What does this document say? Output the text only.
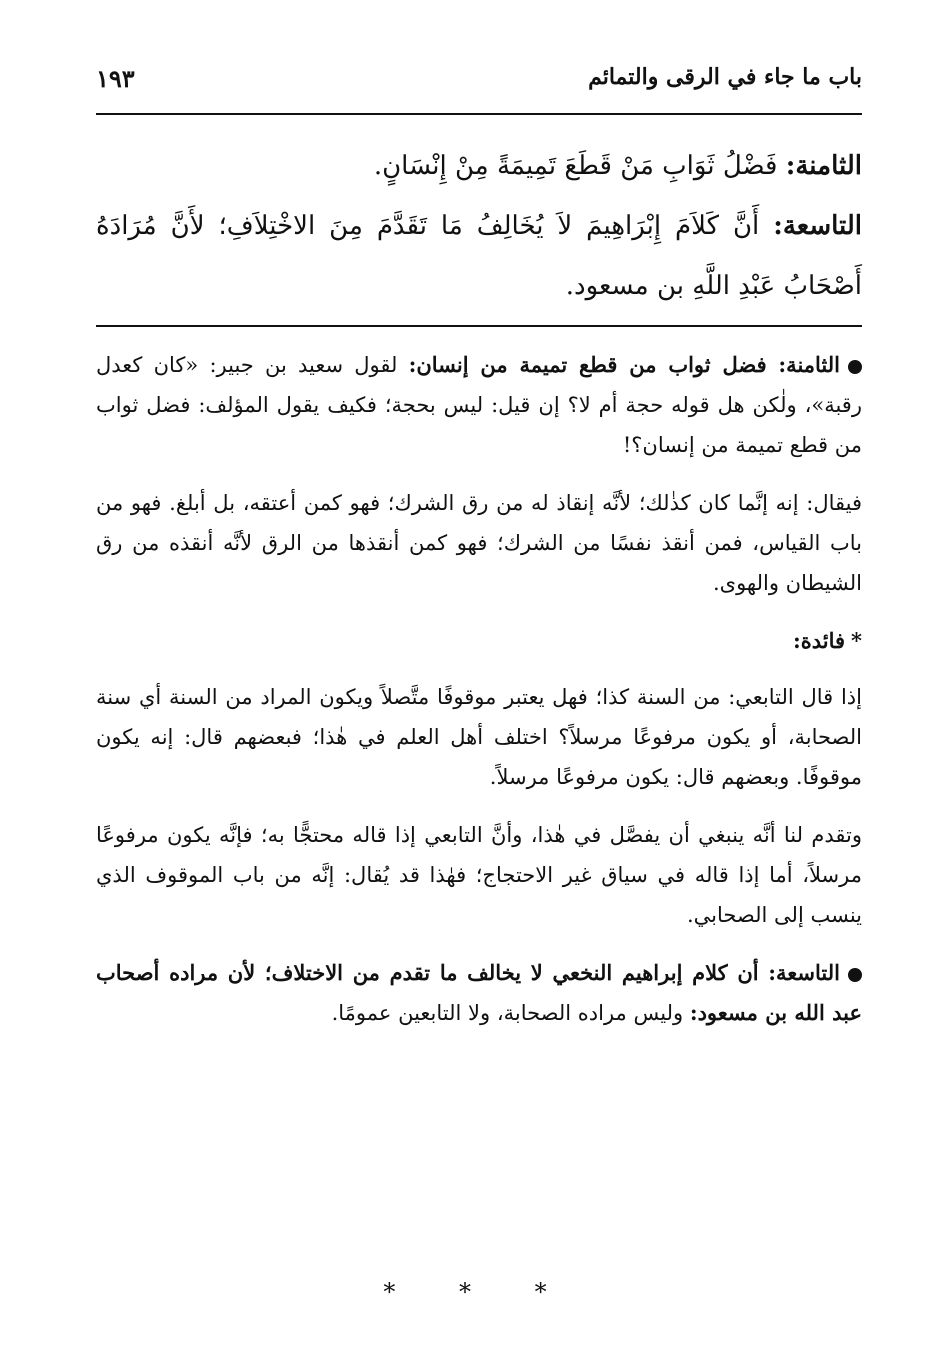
باب ما جاء في الرقى والتمائم
١٩٣

الثامنة: فَضْلُ ثَوَابِ مَنْ قَطَعَ تَمِيمَةً مِنْ إِنْسَانٍ.

التاسعة: أَنَّ كَلاَمَ إِبْرَاهِيمَ لاَ يُخَالِفُ مَا تَقَدَّمَ مِنَ الاخْتِلاَفِ؛ لأَنَّ مُرَادَهُ أَصْحَابُ عَبْدِ اللَّهِ بن مسعود.

الثامنة: فضل ثواب من قطع تميمة من إنسان: لقول سعيد بن جبير: «كان كعدل رقبة»، ولٰكن هل قوله حجة أم لا؟ إن قيل: ليس بحجة؛ فكيف يقول المؤلف: فضل ثواب من قطع تميمة من إنسان؟!

فيقال: إنه إنَّما كان كذٰلك؛ لأنَّه إنقاذ له من رق الشرك؛ فهو كمن أعتقه، بل أبلغ. فهو من باب القياس، فمن أنقذ نفسًا من الشرك؛ فهو كمن أنقذها من الرق لأنَّه أنقذه من رق الشيطان والهوى.

*فائدة:

إذا قال التابعي: من السنة كذا؛ فهل يعتبر موقوفًا متَّصلاً ويكون المراد من السنة أي سنة الصحابة، أو يكون مرفوعًا مرسلاً؟ اختلف أهل العلم في هٰذا؛ فبعضهم قال: إنه يكون موقوفًا. وبعضهم قال: يكون مرفوعًا مرسلاً.

وتقدم لنا أنَّه ينبغي أن يفصَّل في هٰذا، وأنَّ التابعي إذا قاله محتجًّا به؛ فإنَّه يكون مرفوعًا مرسلاً، أما إذا قاله في سياق غير الاحتجاج؛ فهٰذا قد يُقال: إنَّه من باب الموقوف الذي ينسب إلى الصحابي.

التاسعة: أن كلام إبراهيم النخعي لا يخالف ما تقدم من الاختلاف؛ لأن مراده أصحاب عبد الله بن مسعود: وليس مراده الصحابة، ولا التابعين عمومًا.

* * *
